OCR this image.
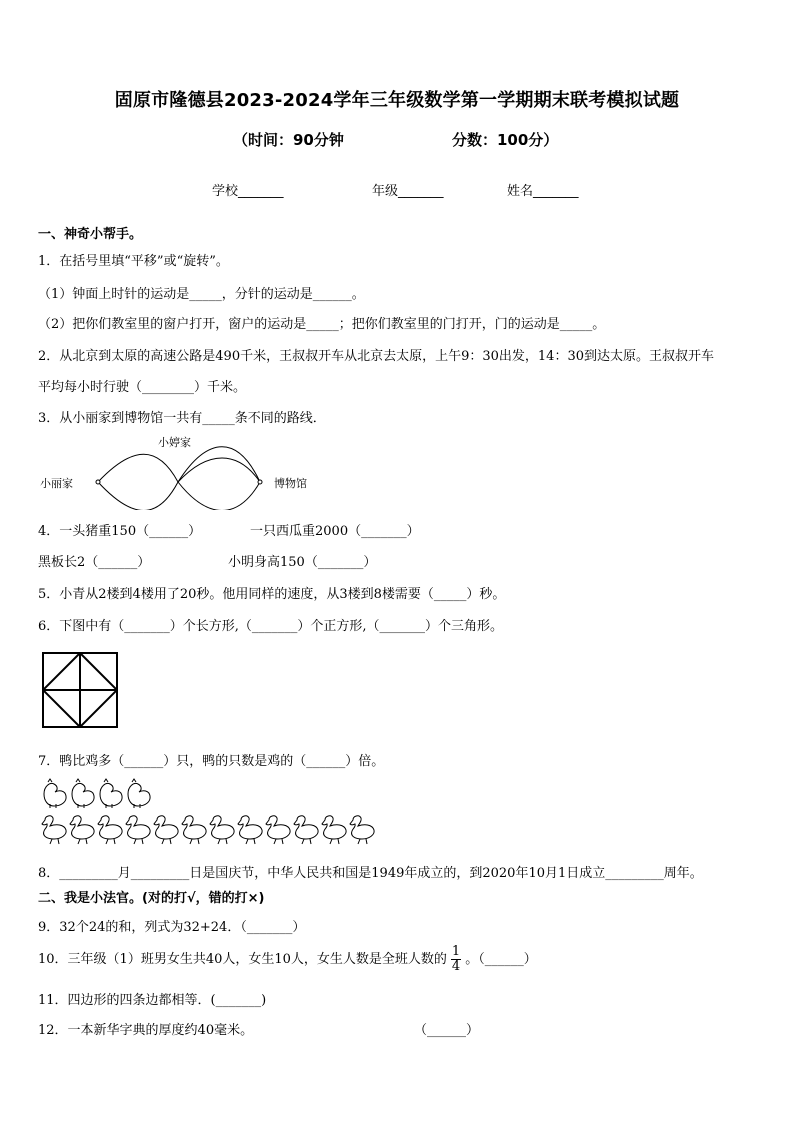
固原市隆德县2023-2024学年三年级数学第一学期期末联考模拟试题
（时间：90分钟	分数：100分）
学校_______	年级_______	姓名_______
一、神奇小帮手。
1．在括号里填“平移”或“旋转”。
（1）钟面上时针的运动是_____，分针的运动是______。
（2）把你们教室里的窗户打开，窗户的运动是_____；把你们教室里的门打开，门的运动是_____。
2．从北京到太原的高速公路是490千米，王叔叔开车从北京去太原，上午9：30出发，14：30到达太原。王叔叔开车
平均每小时行驶（________）千米。
3．从小丽家到博物馆一共有_____条不同的路线．
小丽家
小婷家
博物馆
4．一头猪重150（______）	一只西瓜重2000（_______）
黑板长2（______）	小明身高150（_______）
5．小青从2楼到4楼用了20秒。他用同样的速度，从3楼到8楼需要（_____）秒。
6．下图中有（_______）个长方形,（_______）个正方形,（_______）个三角形。
7．鸭比鸡多（______）只，鸭的只数是鸡的（______）倍。
8．_________月_________日是国庆节，中华人民共和国是1949年成立的，到2020年10月1日成立_________周年。
二、我是小法官。(对的打√，错的打×)
9．32个24的和，列式为32+24．（_______）
10．三年级（1）班男女生共40人，女生10人，女生人数是全班人数的 $\frac{1}{4}$ 。（______）
11．四边形的四条边都相等．(_______)
12．一本新华字典的厚度约40毫米。	（______）
